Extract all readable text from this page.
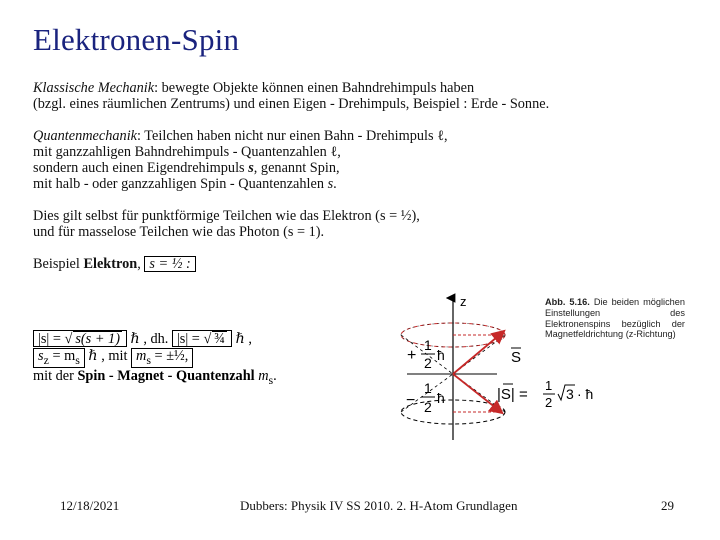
Elektronen-Spin

Klassische Mechanik: bewegte Objekte können einen Bahndrehimpuls haben
(bzgl. eines räumlichen Zentrums) und einen Eigen - Drehimpuls, Beispiel : Erde - Sonne.

Quantenmechanik: Teilchen haben nicht nur einen Bahn - Drehimpuls ℓ,
mit ganzzahligen Bahndrehimpuls - Quantenzahlen ℓ,
sondern auch einen Eigendrehimpuls s, genannt Spin,
mit halb - oder ganzzahligen Spin - Quantenzahlen s.

Dies gilt selbst für punktförmige Teilchen wie das Elektron (s = ½),
und für masselose Teilchen wie das Photon (s = 1).

Beispiel Elektron, s = ½ :

|s| = √ s(s + 1) ℏ , dh. |s| = √ ¾ ℏ ,
$s_z = m_s$ ℏ , mit $m_s$ = ±½,
mit der Spin - Magnet - Quantenzahl $m_s$.
z
+
1
2 ħ
−
1
2
ħ
S
|S| =
1
2
3 · ħ
Abb. 5.16. Die beiden möglichen Einstellungen des Elektronenspins bezüglich der Magnetfeldrichtung (z-Richtung)
12/18/2021	Dubbers: Physik IV SS 2010. 2. H-Atom Grundlagen	29
